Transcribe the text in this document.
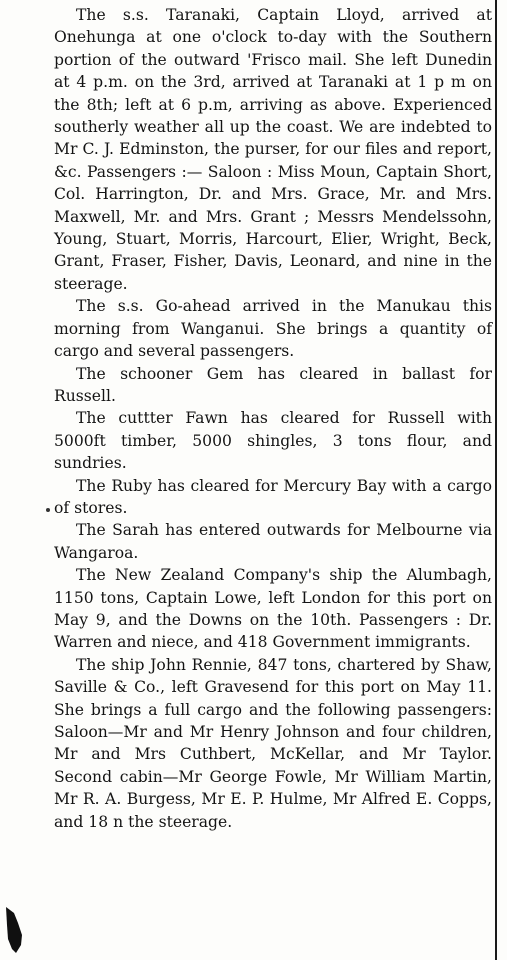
The s.s. Taranaki, Captain Lloyd, arrived at Onehunga at one o'clock to-day with the Southern portion of the outward 'Frisco mail. She left Dunedin at 4 p.m. on the 3rd, arrived at Taranaki at 1 p m on the 8th; left at 6 p.m, arriving as above. Experienced southerly weather all up the coast. We are indebted to Mr C. J. Edminston, the purser, for our files and report, &c. Passengers :— Saloon : Miss Moun, Captain Short, Col. Harrington, Dr. and Mrs. Grace, Mr. and Mrs. Maxwell, Mr. and Mrs. Grant ; Messrs Mendelssohn, Young, Stuart, Morris, Harcourt, Elier, Wright, Beck, Grant, Fraser, Fisher, Davis, Leonard, and nine in the steerage.

The s.s. Go-ahead arrived in the Manukau this morning from Wanganui. She brings a quantity of cargo and several passengers.

The schooner Gem has cleared in ballast for Russell.

The cuttter Fawn has cleared for Russell with 5000ft timber, 5000 shingles, 3 tons flour, and sundries.

The Ruby has cleared for Mercury Bay with a cargo of stores.

The Sarah has entered outwards for Melbourne via Wangaroa.

The New Zealand Company's ship the Alumbagh, 1150 tons, Captain Lowe, left London for this port on May 9, and the Downs on the 10th. Passengers : Dr. Warren and niece, and 418 Government immigrants.

The ship John Rennie, 847 tons, chartered by Shaw, Saville & Co., left Gravesend for this port on May 11. She brings a full cargo and the following passengers: Saloon—Mr and Mr Henry Johnson and four children, Mr and Mrs Cuthbert, McKellar, and Mr Taylor. Second cabin—Mr George Fowle, Mr William Martin, Mr R. A. Burgess, Mr E. P. Hulme, Mr Alfred E. Copps, and 18 n the steerage.
